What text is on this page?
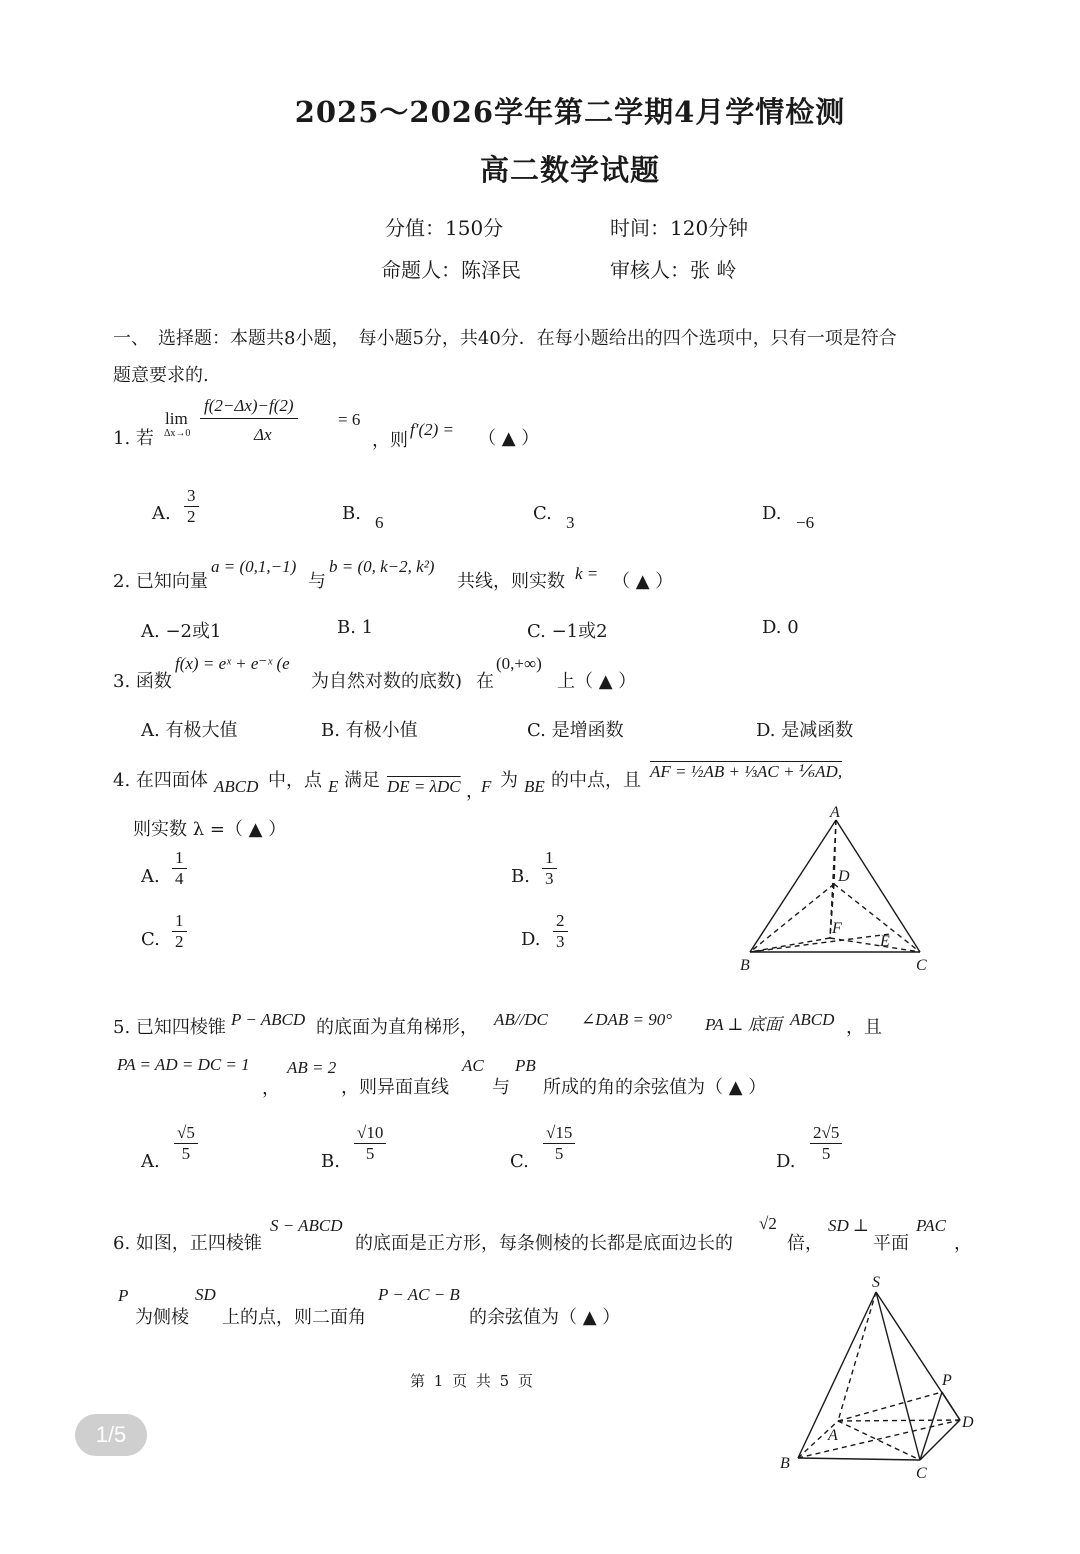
2025～2026学年第二学期4月学情检测
高二数学试题
分值：150分	时间：120分钟
命题人：陈泽民	审核人：张 岭
一、　选择题：本题共8小题，　每小题5分，共40分．在每小题给出的四个选项中，只有一项是符合
题意要求的.
1. 若
lim
Δx→0
f(2−Δx)−f(2)
Δx
= 6
，则
f′(2) = （ ▲ ）
A. $\frac{3}{2}$	B. 6	C. 3	D. −6
2. 已知向量
a = (0,1,−1)
与
b = (0, k−2, k²)
共线，则实数 k = （ ▲ ）
A. −2或1	B. 1	C. −1或2	D. 0
3. 函数
f(x) = eˣ + e⁻ˣ (e
为自然对数的底数) 在
(0,+∞)
上（ ▲ ）
A. 有极大值	B. 有极小值	C. 是增函数	D. 是减函数
4. 在四面体 ABCD 中，点 E 满足 DE = λDC ，
F 为 BE 的中点，且 AF = ½AB + ⅓AC + ⅙AD,
则实数 λ =（ ▲ ）
A. $\frac{1}{4}$	B. $\frac{1}{3}$
C. $\frac{1}{2}$	D. $\frac{2}{3}$
A
D
F
E
B	C
5. 已知四棱锥 P − ABCD 的底面为直角梯形， AB//DC ∠DAB = 90° PA ⊥ 底面 ABCD ，且
PA = AD = DC = 1
，
AB = 2
，则异面直线
AC
与
PB
所成的角的余弦值为（ ▲ ）
A. $\frac{√5}{5}$	B. $\frac{√10}{5}$	C. $\frac{√15}{5}$	D. $\frac{2√5}{5}$
6. 如图，正四棱锥
S − ABCD
的底面是正方形，每条侧棱的长都是底面边长的
√2
倍，
SD ⊥
平面
PAC
，
P
为侧棱
SD
上的点，则二面角
P − AC − B
的余弦值为（ ▲ ）
S
P
D
A
B
C
第 1 页 共 5 页
1/5
